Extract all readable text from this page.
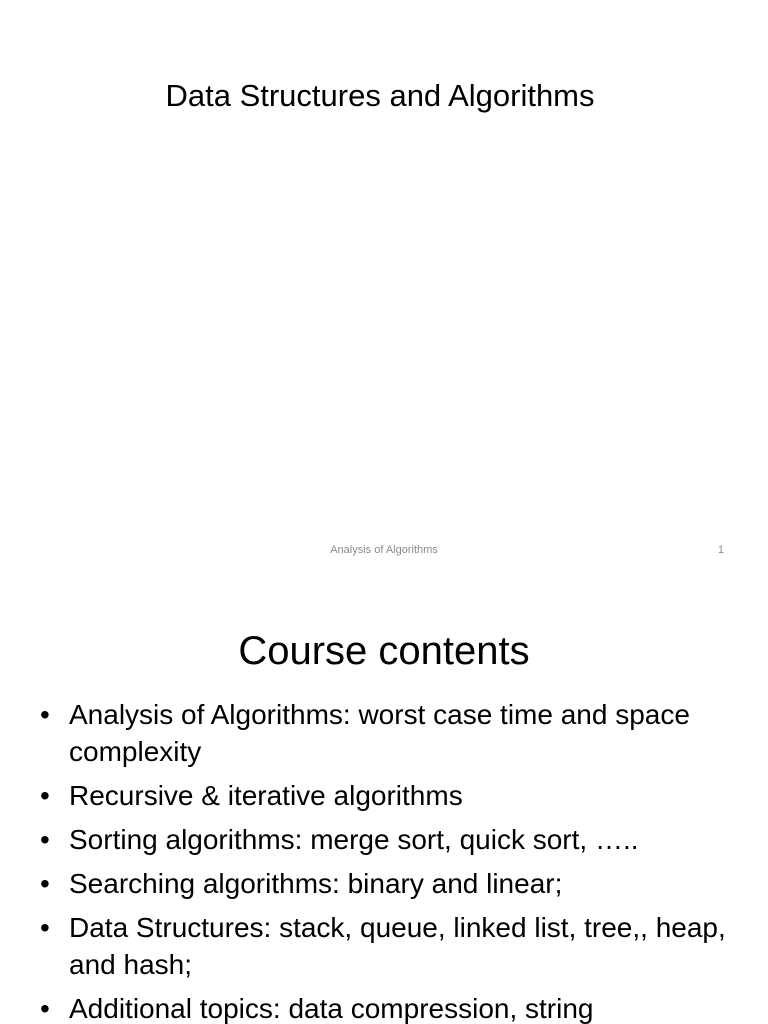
Data Structures and Algorithms
Analysis of Algorithms	1
Course contents
• Analysis of Algorithms: worst case time and space complexity
• Recursive & iterative algorithms
• Sorting algorithms: merge sort, quick sort, …..
• Searching algorithms: binary and linear;
• Data Structures: stack, queue, linked list, tree,, heap, and hash;
• Additional topics: data compression, string
